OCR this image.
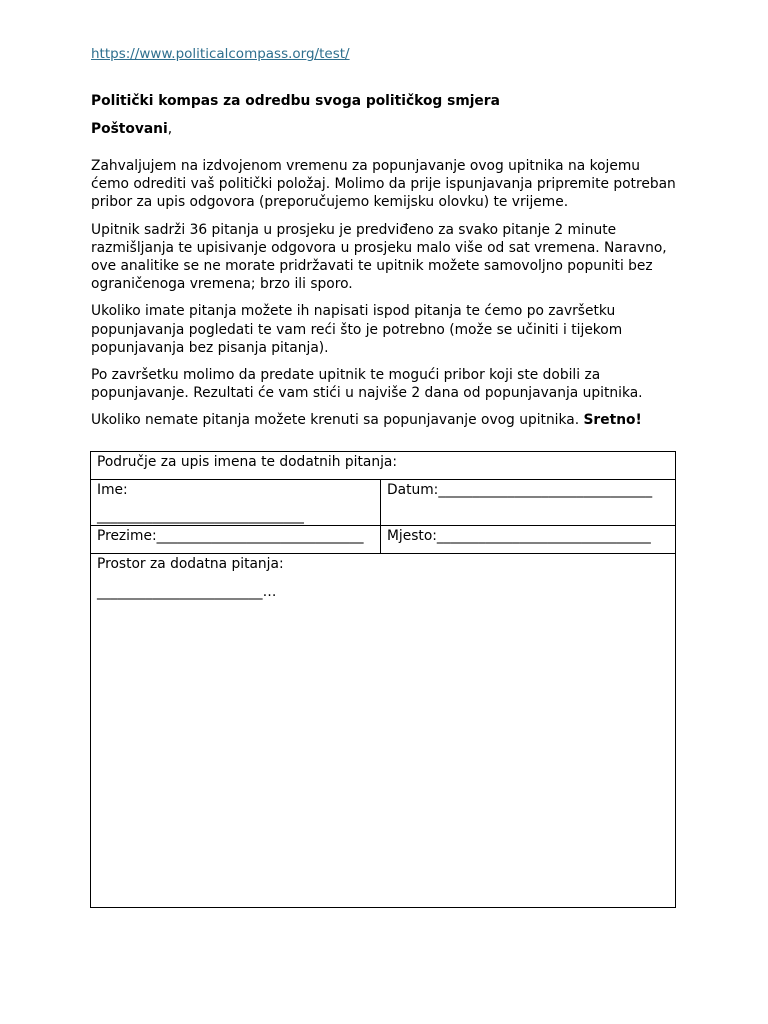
https://www.politicalcompass.org/test/

Politički kompas za odredbu svoga političkog smjera

Poštovani,

Zahvaljujem na izdvojenom vremenu za popunjavanje ovog upitnika na kojemu ćemo odrediti vaš politički položaj. Molimo da prije ispunjavanja pripremite potreban pribor za upis odgovora (preporučujemo kemijsku olovku) te vrijeme.

Upitnik sadrži 36 pitanja u prosjeku je predviđeno za svako pitanje 2 minute razmišljanja te upisivanje odgovora u prosjeku malo više od sat vremena. Naravno, ove analitike se ne morate pridržavati te upitnik možete samovoljno popuniti bez ograničenoga vremena; brzo ili sporo.

Ukoliko imate pitanja možete ih napisati ispod pitanja te ćemo po završetku popunjavanja pogledati te vam reći što je potrebno (može se učiniti i tijekom popunjavanja bez pisanja pitanja).

Po završetku molimo da predate upitnik te mogući pribor koji ste dobili za popunjavanje. Rezultati će vam stići u najviše 2 dana od popunjavanja upitnika.

Ukoliko nemate pitanja možete krenuti sa popunjavanje ovog upitnika. Sretno!

Područje za upis imena te dodatnih pitanja:	
Ime:
______________________________	Datum:_______________________________
Prezime:______________________________	Mjesto:_______________________________
Prostor za dodatna pitanja:
________________________…	
